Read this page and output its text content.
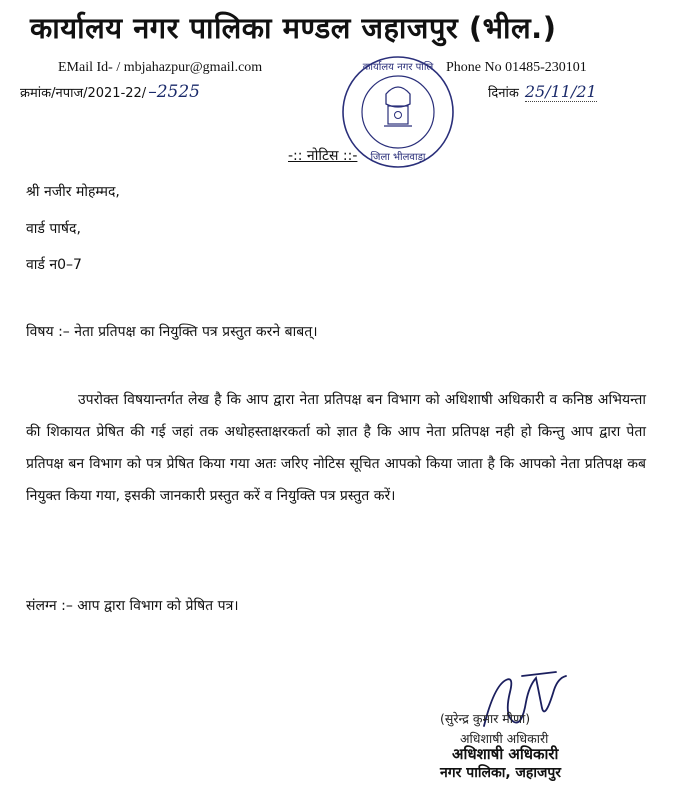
कार्यालय नगर पालिका मण्डल जहाजपुर (भील.)
EMail Id- / mbjahazpur@gmail.com	Phone No 01485-230101
क्रमांक/नपाज/2021-22/ –2525	दिनांक 25/11/21
कार्यालय नगर पालि
जिला भीलवाड़ा
-:: नोटिस ::-
श्री नजीर मोहम्मद,
वार्ड पार्षद,
वार्ड न0–7
विषय :– नेता प्रतिपक्ष का नियुक्ति पत्र प्रस्तुत करने बाबत्।
उपरोक्त विषयान्तर्गत लेख है कि आप द्वारा नेता प्रतिपक्ष बन विभाग को अधिशाषी अधिकारी व कनिष्ठ अभियन्ता की शिकायत प्रेषित की गई जहां तक अधोहस्ताक्षरकर्ता को ज्ञात है कि आप नेता प्रतिपक्ष नही हो किन्तु आप द्वारा पेता प्रतिपक्ष बन विभाग को पत्र प्रेषित किया गया अतः जरिए नोटिस सूचित आपको किया जाता है कि आपको नेता प्रतिपक्ष कब नियुक्त किया गया, इसकी जानकारी प्रस्तुत करें व नियुक्ति पत्र प्रस्तुत करें।
संलग्न :– आप द्वारा विभाग को प्रेषित पत्र।
(सुरेन्द्र कुमार मीणा)
अधिशाषी अधिकारी
अधिशाषी अधिकारी
नगर पालिका, जहाजपुर
